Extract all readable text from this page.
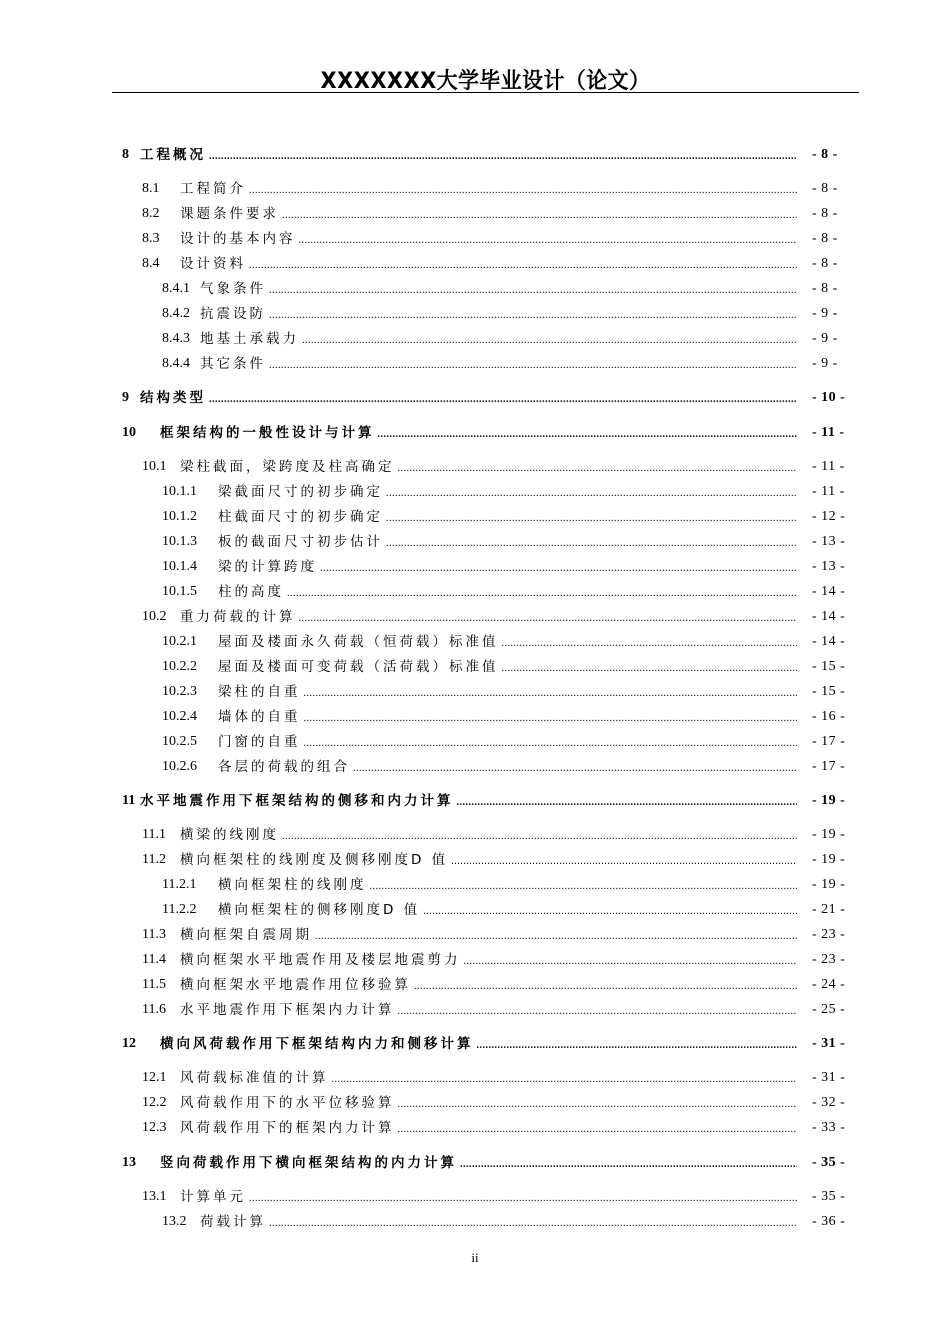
XXXXXXX大学毕业设计（论文）
8 工程概况 .....	- 8 -
8.1	工程简介 .....	- 8 -
8.2	课题条件要求 .....	- 8 -
8.3	设计的基本内容 .....	- 8 -
8.4	设计资料 .....	- 8 -
8.4.1 气象条件 .....	- 8 -
8.4.2 抗震设防 .....	- 9 -
8.4.3 地基土承载力 .....	- 9 -
8.4.4 其它条件 .....	- 9 -
9 结构类型 .....	- 10 -
10	框架结构的一般性设计与计算 .....	- 11 -
10.1	梁柱截面，梁跨度及柱高确定 .....	- 11 -
10.1.1	梁截面尺寸的初步确定 .....	- 11 -
10.1.2	柱截面尺寸的初步确定 .....	- 12 -
10.1.3	板的截面尺寸初步估计 .....	- 13 -
10.1.4	梁的计算跨度 .....	- 13 -
10.1.5	柱的高度 .....	- 14 -
10.2	重力荷载的计算 .....	- 14 -
10.2.1	屋面及楼面永久荷载（恒荷载）标准值 .....	- 14 -
10.2.2	屋面及楼面可变荷载（活荷载）标准值 .....	- 15 -
10.2.3	梁柱的自重 .....	- 15 -
10.2.4	墙体的自重 .....	- 16 -
10.2.5	门窗的自重 .....	- 17 -
10.2.6	各层的荷载的组合 .....	- 17 -
11 水平地震作用下框架结构的侧移和内力计算 .....	- 19 -
11.1	横梁的线刚度 .....	- 19 -
11.2	横向框架柱的线刚度及侧移刚度D 值 .....	- 19 -
11.2.1	横向框架柱的线刚度 .....	- 19 -
11.2.2	横向框架柱的侧移刚度D 值 .....	- 21 -
11.3	横向框架自震周期 .....	- 23 -
11.4	横向框架水平地震作用及楼层地震剪力 .....	- 23 -
11.5	横向框架水平地震作用位移验算 .....	- 24 -
11.6	水平地震作用下框架内力计算 .....	- 25 -
12	横向风荷载作用下框架结构内力和侧移计算 .....	- 31 -
12.1	风荷载标准值的计算 .....	- 31 -
12.2	风荷载作用下的水平位移验算 .....	- 32 -
12.3	风荷载作用下的框架内力计算 .....	- 33 -
13	竖向荷载作用下横向框架结构的内力计算 .....	- 35 -
13.1	计算单元 .....	- 35 -
13.2	荷载计算 .....	- 36 -
ii
